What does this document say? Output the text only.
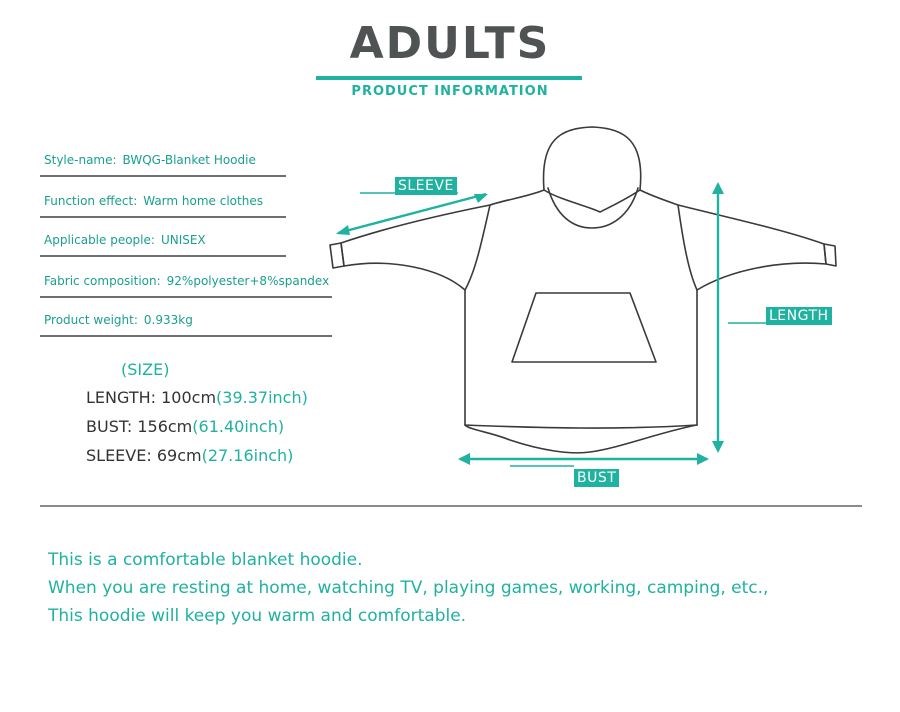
ADULTS
PRODUCT INFORMATION
Style-name: BWQG-Blanket Hoodie
Function effect: Warm home clothes
Applicable people: UNISEX
Fabric composition: 92%polyester+8%spandex
Product weight: 0.933kg
(SIZE)
LENGTH: 100cm(39.37inch)
BUST: 156cm(61.40inch)
SLEEVE: 69cm(27.16inch)
SLEEVE
LENGTH
BUST
This is a comfortable blanket hoodie.
When you are resting at home, watching TV, playing games, working, camping, etc.,
This hoodie will keep you warm and comfortable.
